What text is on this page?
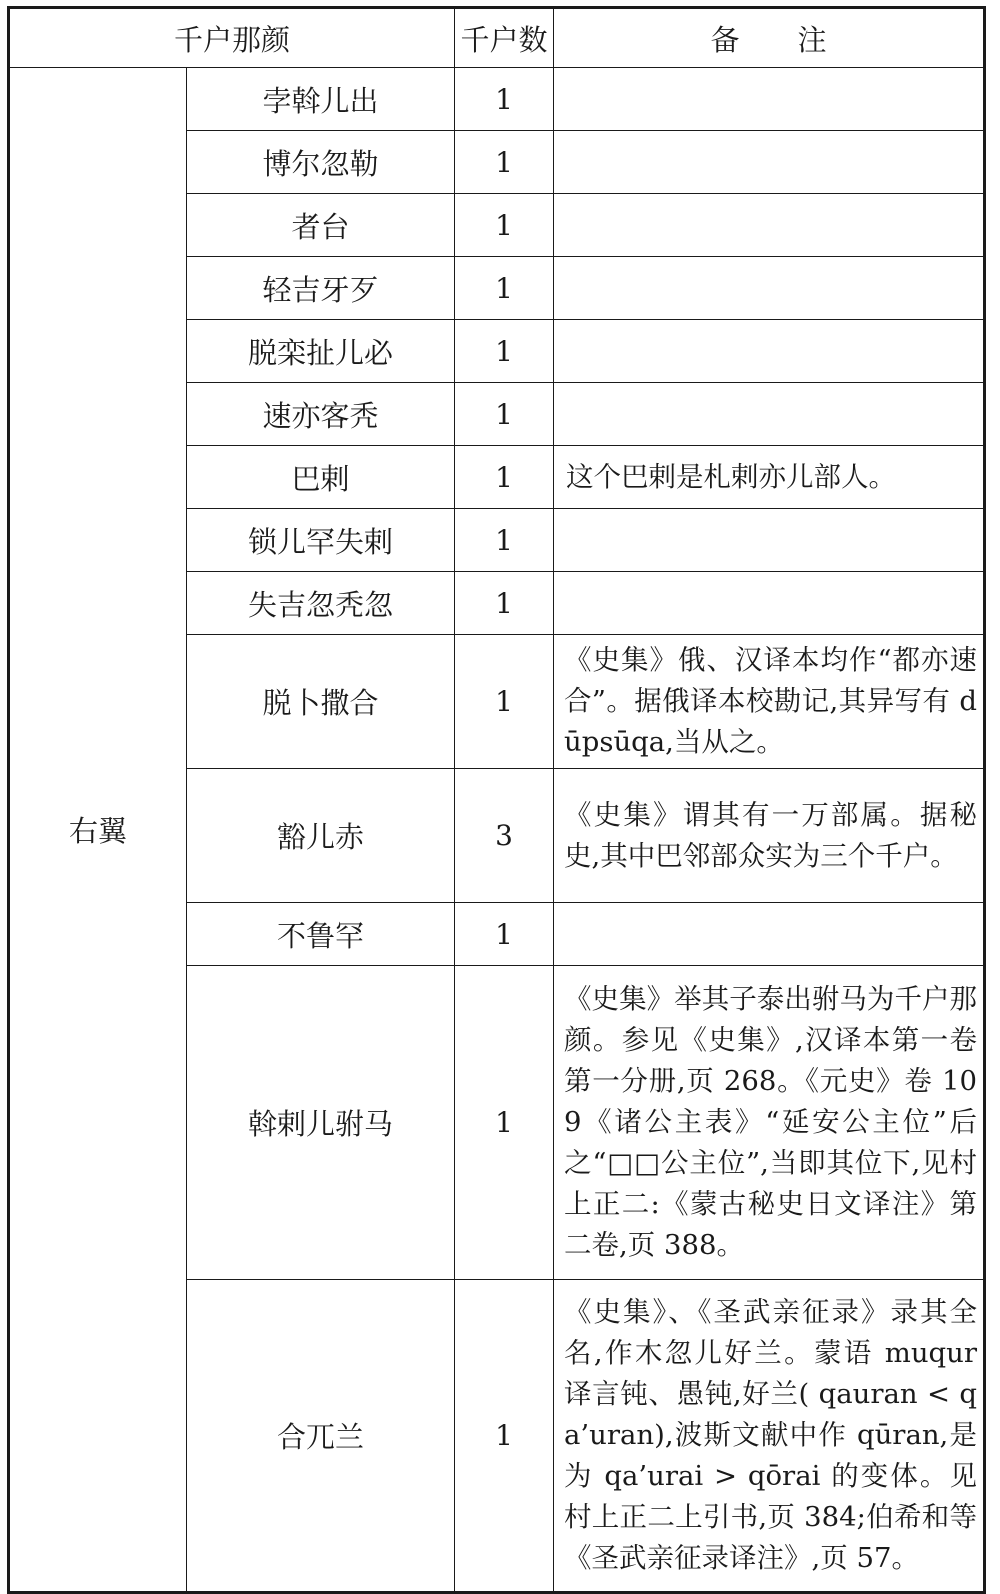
千户那颜		千户数	备　　注
右翼	孛斡儿出	1	
	博尔忽勒	1	
	者台	1	
	轻吉牙歹	1	
	脱栾扯儿必	1	
	速亦客秃	1	
	巴剌	1	这个巴剌是札剌亦儿部人。
	锁儿罕失剌	1	
	失吉忽秃忽	1	
	脱卜撒合	1	《史集》俄、汉译本均作“都亦速合”。据俄译本校勘记,其异写有 dūpsūqa,当从之。
	豁儿赤	3	《史集》谓其有一万部属。据秘史,其中巴邻部众实为三个千户。
	不鲁罕	1	
	斡剌儿驸马	1	《史集》举其子泰出驸马为千户那颜。参见《史集》,汉译本第一卷第一分册,页 268。《元史》卷 109《诸公主表》“延安公主位”后之“□□公主位”,当即其位下,见村上正二:《蒙古秘史日文译注》第二卷,页 388。
	合兀兰	1	《史集》、《圣武亲征录》录其全名,作木忽儿好兰。蒙语 muqur 译言钝、愚钝,好兰( qauran < qa’uran),波斯文献中作 qūran,是为 qa’urai > qōrai 的变体。见村上正二上引书,页 384;伯希和等《圣武亲征录译注》,页 57。
